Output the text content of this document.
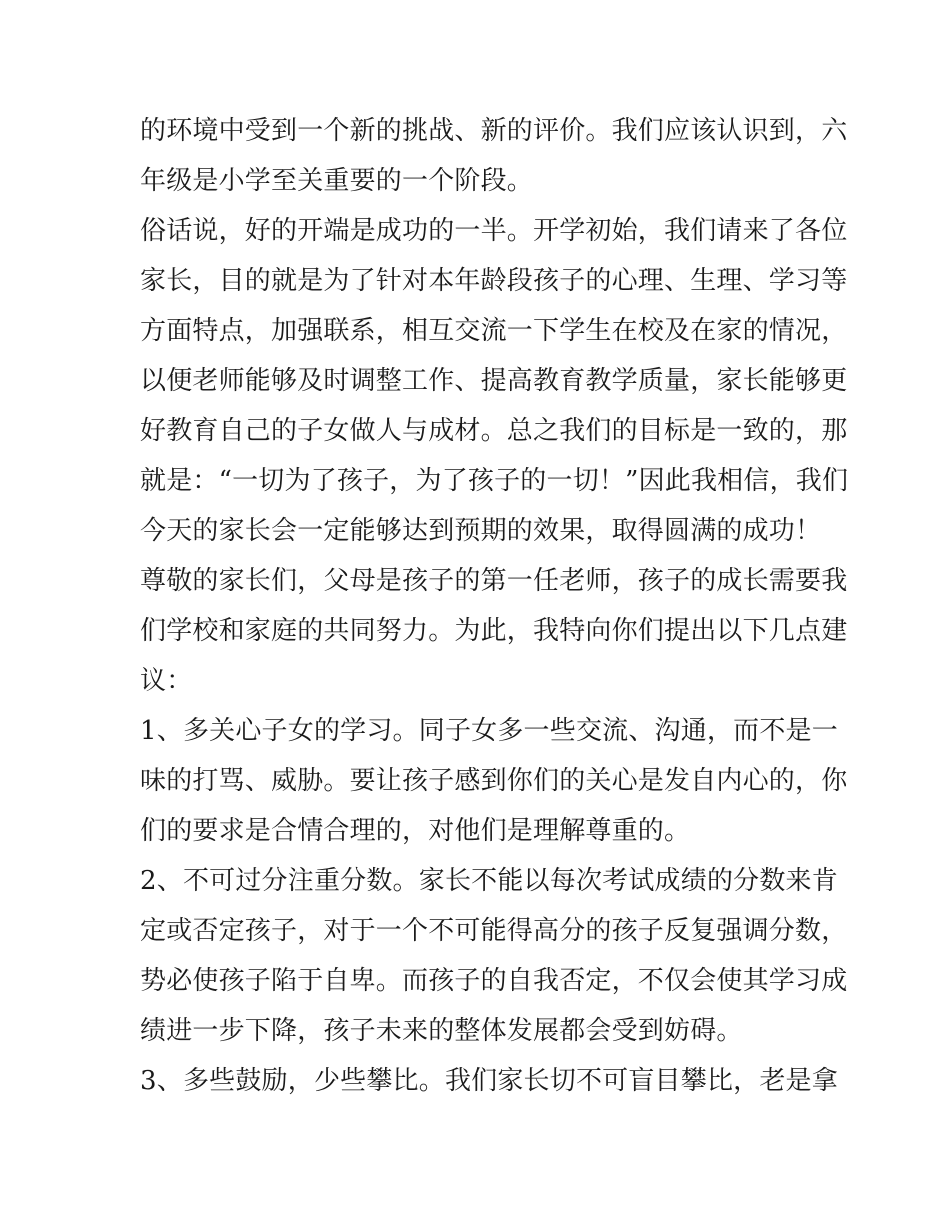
的环境中受到一个新的挑战、新的评价。我们应该认识到，六
年级是小学至关重要的一个阶段。
俗话说，好的开端是成功的一半。开学初始，我们请来了各位
家长，目的就是为了针对本年龄段孩子的心理、生理、学习等
方面特点，加强联系，相互交流一下学生在校及在家的情况，
以便老师能够及时调整工作、提高教育教学质量，家长能够更
好教育自己的子女做人与成材。总之我们的目标是一致的，那
就是：“一切为了孩子，为了孩子的一切！”因此我相信，我们
今天的家长会一定能够达到预期的效果，取得圆满的成功！
尊敬的家长们，父母是孩子的第一任老师，孩子的成长需要我
们学校和家庭的共同努力。为此，我特向你们提出以下几点建
议：
1、多关心子女的学习。同子女多一些交流、沟通，而不是一
味的打骂、威胁。要让孩子感到你们的关心是发自内心的，你
们的要求是合情合理的，对他们是理解尊重的。
2、不可过分注重分数。家长不能以每次考试成绩的分数来肯
定或否定孩子，对于一个不可能得高分的孩子反复强调分数，
势必使孩子陷于自卑。而孩子的自我否定，不仅会使其学习成
绩进一步下降，孩子未来的整体发展都会受到妨碍。
3、多些鼓励，少些攀比。我们家长切不可盲目攀比，老是拿
